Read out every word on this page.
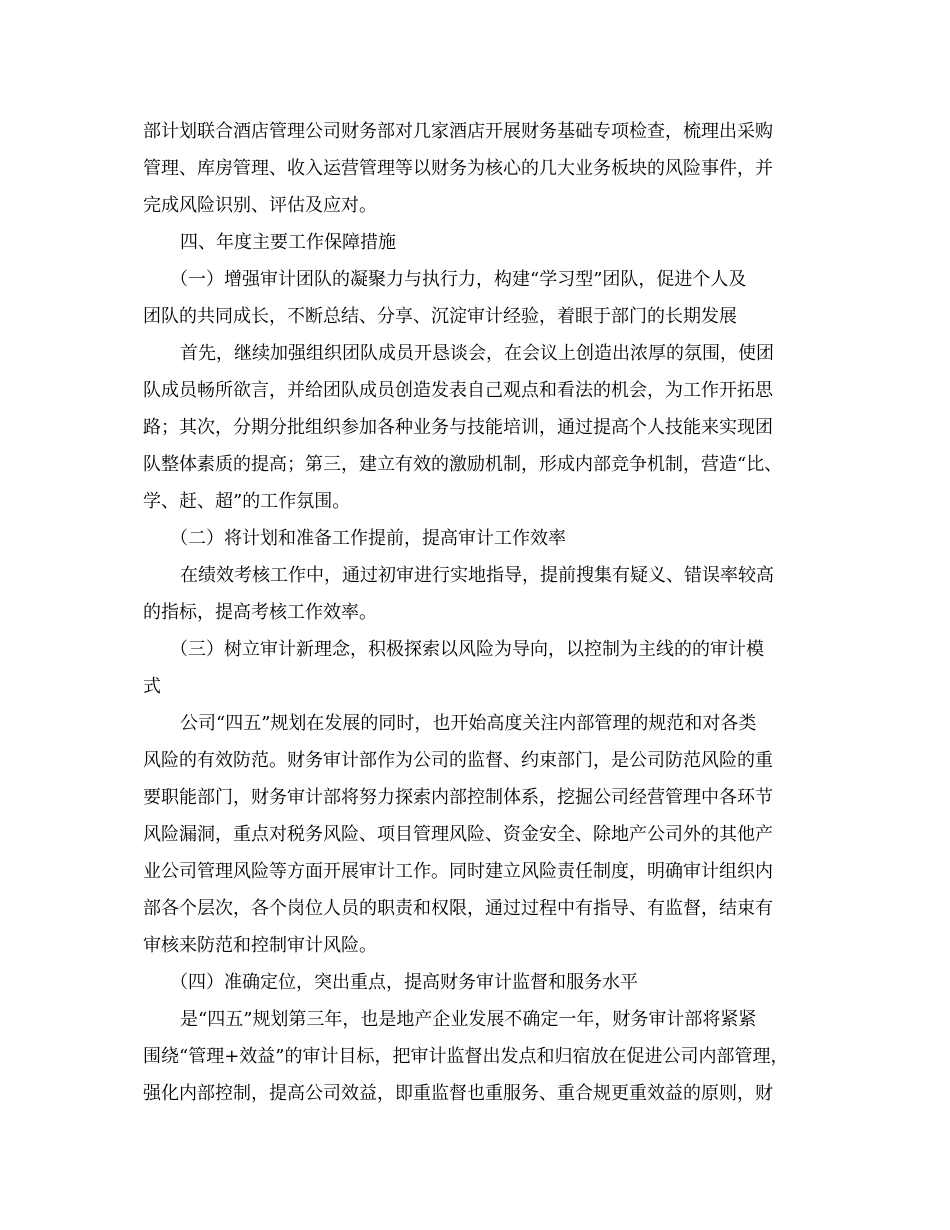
部计划联合酒店管理公司财务部对几家酒店开展财务基础专项检查，梳理出采购
管理、库房管理、收入运营管理等以财务为核心的几大业务板块的风险事件，并
完成风险识别、评估及应对。
四、年度主要工作保障措施
（一）增强审计团队的凝聚力与执行力，构建“学习型”团队，促进个人及
团队的共同成长，不断总结、分享、沉淀审计经验，着眼于部门的长期发展
首先，继续加强组织团队成员开恳谈会，在会议上创造出浓厚的氛围，使团
队成员畅所欲言，并给团队成员创造发表自己观点和看法的机会，为工作开拓思
路；其次，分期分批组织参加各种业务与技能培训，通过提高个人技能来实现团
队整体素质的提高；第三，建立有效的激励机制，形成内部竞争机制，营造“比、
学、赶、超”的工作氛围。
（二）将计划和准备工作提前，提高审计工作效率
在绩效考核工作中，通过初审进行实地指导，提前搜集有疑义、错误率较高
的指标，提高考核工作效率。
（三）树立审计新理念，积极探索以风险为导向，以控制为主线的的审计模
式
公司“四五”规划在发展的同时，也开始高度关注内部管理的规范和对各类
风险的有效防范。财务审计部作为公司的监督、约束部门，是公司防范风险的重
要职能部门，财务审计部将努力探索内部控制体系，挖掘公司经营管理中各环节
风险漏洞，重点对税务风险、项目管理风险、资金安全、除地产公司外的其他产
业公司管理风险等方面开展审计工作。同时建立风险责任制度，明确审计组织内
部各个层次，各个岗位人员的职责和权限，通过过程中有指导、有监督，结束有
审核来防范和控制审计风险。
（四）准确定位，突出重点，提高财务审计监督和服务水平
是“四五”规划第三年，也是地产企业发展不确定一年，财务审计部将紧紧
围绕“管理+效益”的审计目标，把审计监督出发点和归宿放在促进公司内部管理，
强化内部控制，提高公司效益，即重监督也重服务、重合规更重效益的原则，财
